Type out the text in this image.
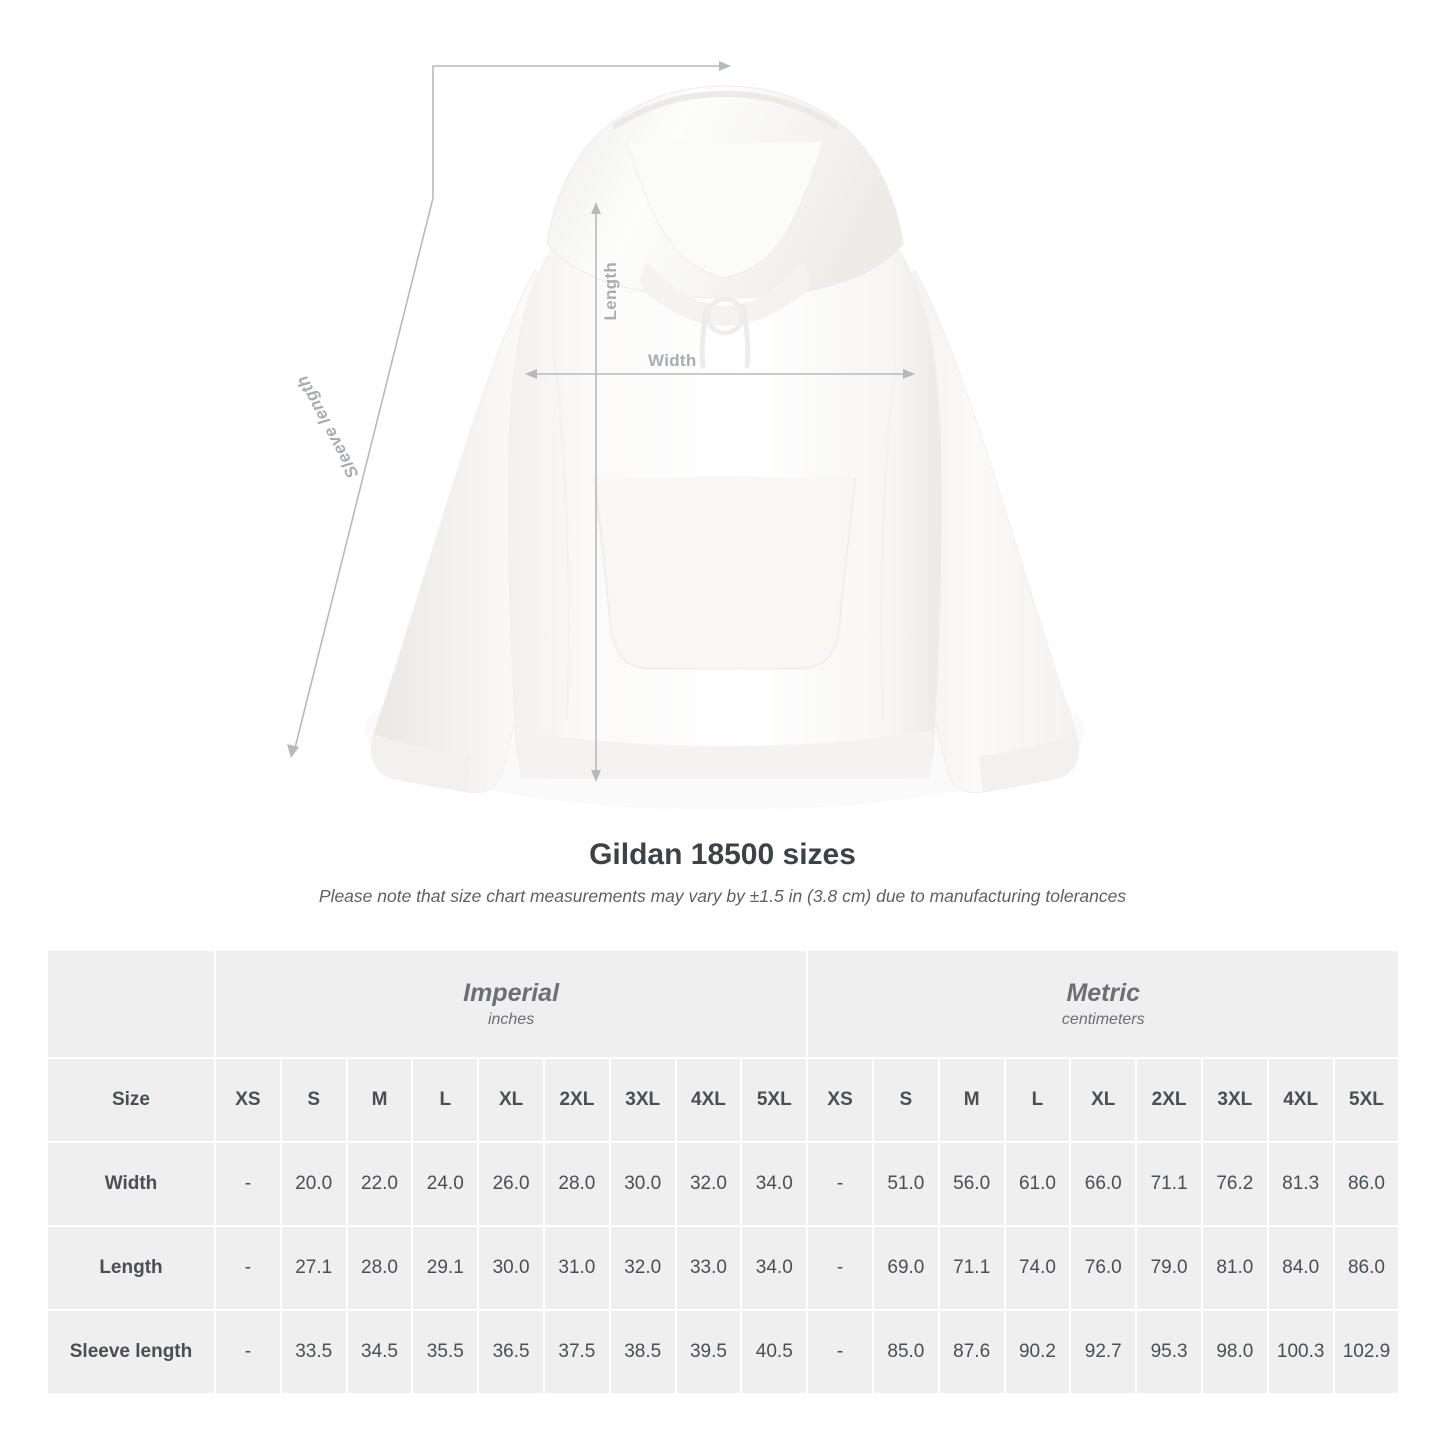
Length
Width
Sleeve length
Gildan 18500 sizes

Please note that size chart measurements may vary by ±1.5 in (3.8 cm) due to manufacturing tolerances

Imperial
inches

Metric
centimeters

Size	XS	S	M	L	XL	2XL	3XL	4XL	5XL	XS	S	M	L	XL	2XL	3XL	4XL	5XL
Width	-	20.0	22.0	24.0	26.0	28.0	30.0	32.0	34.0	-	51.0	56.0	61.0	66.0	71.1	76.2	81.3	86.0
Length	-	27.1	28.0	29.1	30.0	31.0	32.0	33.0	34.0	-	69.0	71.1	74.0	76.0	79.0	81.0	84.0	86.0
Sleeve length	-	33.5	34.5	35.5	36.5	37.5	38.5	39.5	40.5	-	85.0	87.6	90.2	92.7	95.3	98.0	100.3	102.9
